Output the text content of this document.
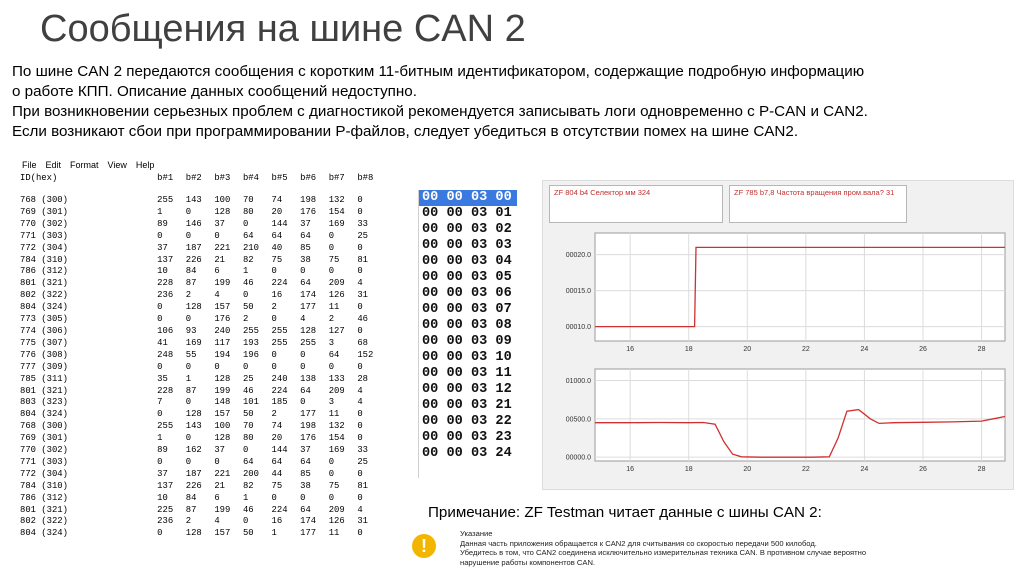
Сообщения на шине CAN 2
По шине CAN 2 передаются сообщения с коротким 11-битным идентификатором, содержащие подробную информацию
о работе КПП. Описание данных сообщений недоступно.
При возникновении серьезных проблем с диагностикой рекомендуется записывать логи одновременно с P-CAN и CAN2.
Если возникают сбои при программировании P-файлов, следует убедиться в отсутствии помех на шине CAN2.
File Edit Format View Help
ID(hex)	b#1	b#2	b#3	b#4	b#5	b#6	b#7	b#8

768 (300)	255	143	100	70	74	198	132	0
769 (301)	1	0	128	80	20	176	154	0
770 (302)	89	146	37	0	144	37	169	33
771 (303)	0	0	0	64	64	64	0	25
772 (304)	37	187	221	210	40	85	0	0
784 (310)	137	226	21	82	75	38	75	81
786 (312)	10	84	6	1	0	0	0	0
801 (321)	228	87	199	46	224	64	209	4
802 (322)	236	2	4	0	16	174	126	31
804 (324)	0	128	157	50	2	177	11	0
773 (305)	0	0	176	2	0	4	2	46
774 (306)	106	93	240	255	255	128	127	0
775 (307)	41	169	117	193	255	255	3	68
776 (308)	248	55	194	196	0	0	64	152
777 (309)	0	0	0	0	0	0	0	0
785 (311)	35	1	128	25	240	138	133	28
801 (321)	228	87	199	46	224	64	209	4
803 (323)	7	0	148	101	185	0	3	4
804 (324)	0	128	157	50	2	177	11	0
768 (300)	255	143	100	70	74	198	132	0
769 (301)	1	0	128	80	20	176	154	0
770 (302)	89	162	37	0	144	37	169	33
771 (303)	0	0	0	64	64	64	0	25
772 (304)	37	187	221	200	44	85	0	0
784 (310)	137	226	21	82	75	38	75	81
786 (312)	10	84	6	1	0	0	0	0
801 (321)	225	87	199	46	224	64	209	4
802 (322)	236	2	4	0	16	174	126	31
804 (324)	0	128	157	50	1	177	11	0
00 00 03 00
00 00 03 01
00 00 03 02
00 00 03 03
00 00 03 04
00 00 03 05
00 00 03 06
00 00 03 07
00 00 03 08
00 00 03 09
00 00 03 10
00 00 03 11
00 00 03 12
00 00 03 21
00 00 03 22
00 00 03 23
00 00 03 24
ZF 804 b4 Селектор мм 324	ZF 785 b7,8 Частота вращения пром.вала? 31
16	18	20	22	24	26	28
00010.0
00015.0
00020.0
16	18	20	22	24	26	28
00000.0
00500.0
01000.0
Примечание: ZF Testman читает данные с шины CAN 2:
!
Указание
Данная часть приложения обращается к CAN2 для считывания со скоростью передачи 500 килобод.
Убедитесь в том, что CAN2 соединена исключительно измерительная техника CAN. В противном случае вероятно
нарушение работы компонентов CAN.
